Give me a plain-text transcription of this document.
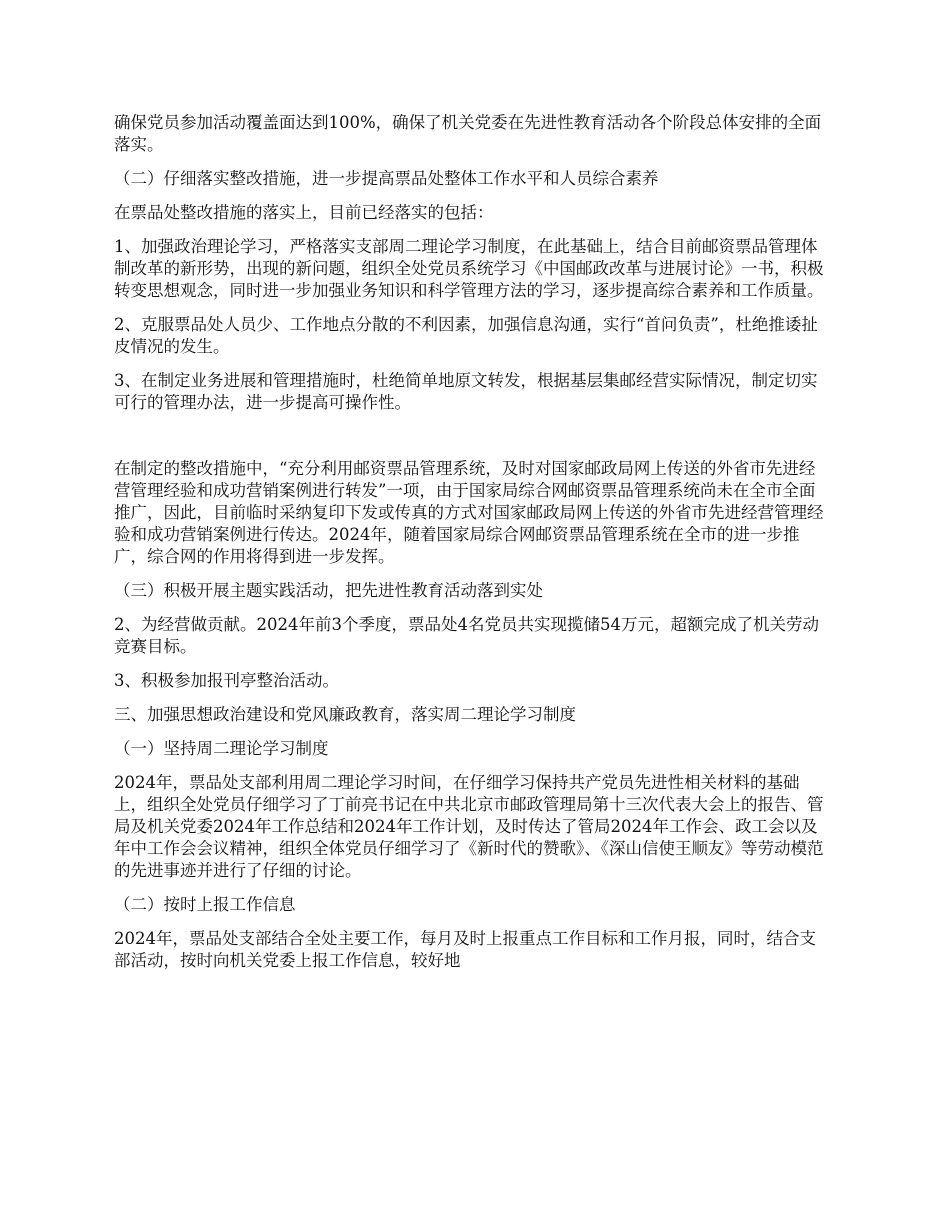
确保党员参加活动覆盖面达到100%，确保了机关党委在先进性教育活动各个阶段总体安排的全面落实。

（二）仔细落实整改措施，进一步提高票品处整体工作水平和人员综合素养

在票品处整改措施的落实上，目前已经落实的包括：

1、加强政治理论学习，严格落实支部周二理论学习制度，在此基础上，结合目前邮资票品管理体制改革的新形势，出现的新问题，组织全处党员系统学习《中国邮政改革与进展讨论》一书，积极转变思想观念，同时进一步加强业务知识和科学管理方法的学习，逐步提高综合素养和工作质量。

2、克服票品处人员少、工作地点分散的不利因素，加强信息沟通，实行“首问负责”，杜绝推诿扯皮情况的发生。

3、在制定业务进展和管理措施时，杜绝简单地原文转发，根据基层集邮经营实际情况，制定切实可行的管理办法，进一步提高可操作性。

在制定的整改措施中，“充分利用邮资票品管理系统，及时对国家邮政局网上传送的外省市先进经营管理经验和成功营销案例进行转发”一项，由于国家局综合网邮资票品管理系统尚未在全市全面推广，因此，目前临时采纳复印下发或传真的方式对国家邮政局网上传送的外省市先进经营管理经验和成功营销案例进行传达。2024年，随着国家局综合网邮资票品管理系统在全市的进一步推广，综合网的作用将得到进一步发挥。

（三）积极开展主题实践活动，把先进性教育活动落到实处

2、为经营做贡献。2024年前3个季度，票品处4名党员共实现揽储54万元，超额完成了机关劳动竞赛目标。

3、积极参加报刊亭整治活动。

三、加强思想政治建设和党风廉政教育，落实周二理论学习制度

（一）坚持周二理论学习制度

2024年，票品处支部利用周二理论学习时间，在仔细学习保持共产党员先进性相关材料的基础上，组织全处党员仔细学习了丁前亮书记在中共北京市邮政管理局第十三次代表大会上的报告、管局及机关党委2024年工作总结和2024年工作计划，及时传达了管局2024年工作会、政工会以及年中工作会会议精神，组织全体党员仔细学习了《新时代的赞歌》、《深山信使王顺友》等劳动模范的先进事迹并进行了仔细的讨论。

（二）按时上报工作信息

2024年，票品处支部结合全处主要工作，每月及时上报重点工作目标和工作月报，同时，结合支部活动，按时向机关党委上报工作信息，较好地
